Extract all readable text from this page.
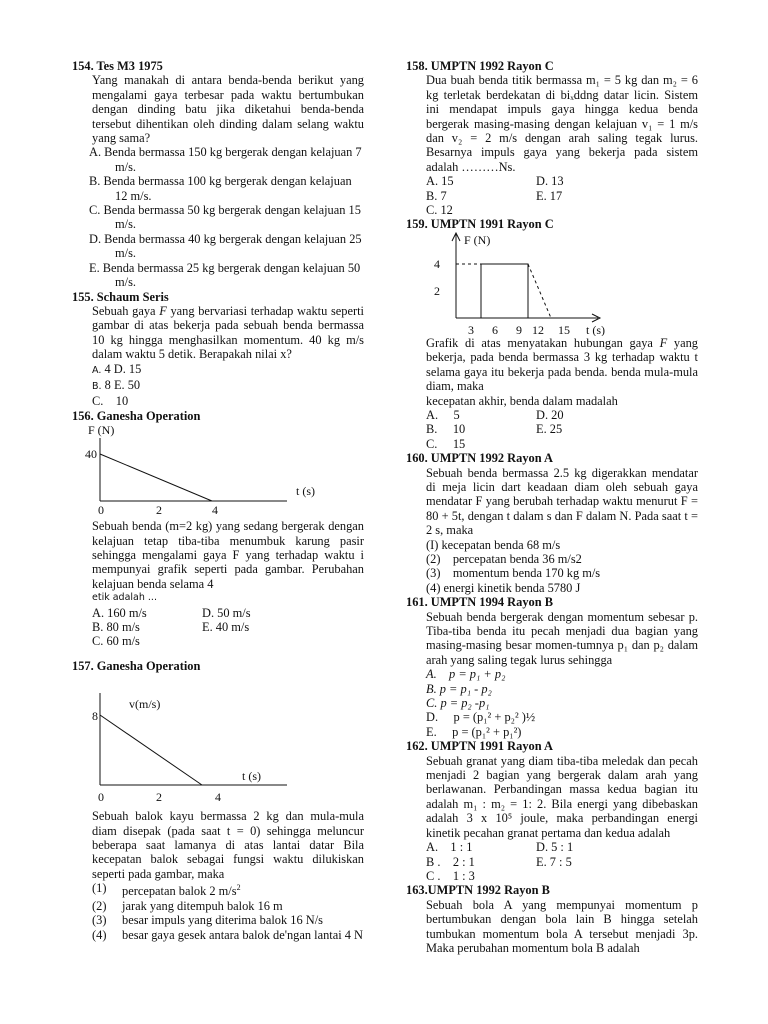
154. Tes M3 1975
Yang manakah di antara benda-benda berikut yang mengalami gaya terbesar pada waktu bertumbukan dengan dinding batu jika diketahui benda-benda tersebut dihentikan oleh dinding dalam selang waktu yang sama?
A. Benda bermassa 150 kg bergerak dengan kelajuan 7 m/s.
B. Benda bermassa 100 kg bergerak dengan kelajuan 12 m/s.
C. Benda bermassa 50 kg bergerak dengan kelajuan 15 m/s.
D. Benda bermassa 40 kg bergerak dengan kelajuan 25 m/s.
E. Benda bermassa 25 kg bergerak dengan kelajuan 50 m/s.
155. Schaum Seris
Sebuah gaya F yang bervariasi terhadap waktu seperti gambar di atas bekerja pada sebuah benda bermassa 10 kg hingga menghasilkan momentum. 40 kg m/s dalam waktu 5 detik. Berapakah nilai x?
A. 4 D. 15
B. 8 E. 50
C.    10
156. Ganesha Operation
F (N)
40
t (s)
0	2	4
Sebuah benda (m=2 kg) yang sedang bergerak dengan kelajuan tetap tiba-tiba menumbuk karung pasir sehingga mengalami gaya F yang terhadap waktu i mempunyai grafik seperti pada gambar. Perubahan kelajuan benda selama 4
etik adalah ...
A. 160 m/s	D. 50 m/s
B. 80 m/s	E. 40 m/s
C. 60 m/s
157. Ganesha Operation
v(m/s)
8
t (s)
0	2	4
Sebuah balok kayu bermassa 2 kg dan mula-mula diam disepak (pada saat t = 0) sehingga meluncur beberapa saat lamanya di atas lantai datar Bila kecepatan balok sebagai fungsi waktu dilukiskan seperti pada gambar, maka
(1)	percepatan balok 2 $m/s^2$
(2)	jarak yang ditempuh balok 16 m
(3)	besar impuls yang diterima balok 16 N/s
(4)	besar gaya gesek antara balok de'ngan lantai 4 N
158. UMPTN 1992 Rayon C
Dua buah benda titik bermassa m₁ = 5 kg dan m₂ = 6 kg terletak berdekatan di biₓddng datar licin. Sistem ini mendapat impuls gaya hingga kedua benda bergerak masing-masing dengan kelajuan v₁ = 1 m/s dan v₂ = 2 m/s dengan arah saling tegak lurus. Besarnya impuls gaya yang bekerja pada sistem adalah ………Ns.
A. 15	D. 13
B. 7	E. 17
C. 12
159. UMPTN 1991 Rayon C
F (N)
4
2
3 6 9 12 15 t (s)
Grafik di atas menyatakan hubungan gaya F yang bekerja, pada benda bermassa 3 kg terhadap waktu t selama gaya itu bekerja pada benda. benda mula-mula diam, maka
kecepatan akhir, benda dalam madalah
A.     5	D. 20
B.     10	E. 25
C.     15
160. UMPTN 1992 Rayon A
Sebuah benda bermassa 2.5 kg digerakkan mendatar di meja licin dart keadaan diam oleh sebuah gaya mendatar F yang berubah terhadap waktu menurut F = 80 + 5t, dengan t dalam s dan F dalam N. Pada saat t = 2 s, maka
(I) kecepatan benda 68 m/s
(2)    percepatan benda 36 m/s2
(3)    momentum benda 170 kg m/s
(4) energi kinetik benda 5780 J
161. UMPTN 1994 Rayon B
Sebuah benda bergerak dengan momentum sebesar p. Tiba-tiba benda itu pecah menjadi dua bagian yang masing-masing besar momen-tumnya p₁ dan p₂ dalam arah yang saling tegak lurus sehingga
A.    p = p₁ + p₂
B. p = p₁ - p₂
C. p = p₂ -p₁
D.     p = (p₁² + p₂² )½
E.     p = (p₁² + p₁²)
162. UMPTN 1991 Rayon A
Sebuah granat yang diam tiba-tiba meledak dan pecah menjadi 2 bagian yang bergerak dalam arah yang berlawanan. Perbandingan massa kedua bagian itu adalah m₁ : m₂ = 1: 2. Bila energi yang dibebaskan adalah 3 x 10⁵ joule, maka perbandingan energi kinetik pecahan granat pertama dan kedua adalah
A.    1 : 1	D. 5 : 1
B .    2 : 1	E. 7 : 5
C .    1 : 3
163.UMPTN 1992 Rayon B
Sebuah bola A yang mempunyai momentum p bertumbukan dengan bola lain B hingga setelah tumbukan momentum bola A tersebut menjadi 3p. Maka perubahan momentum bola B adalah
